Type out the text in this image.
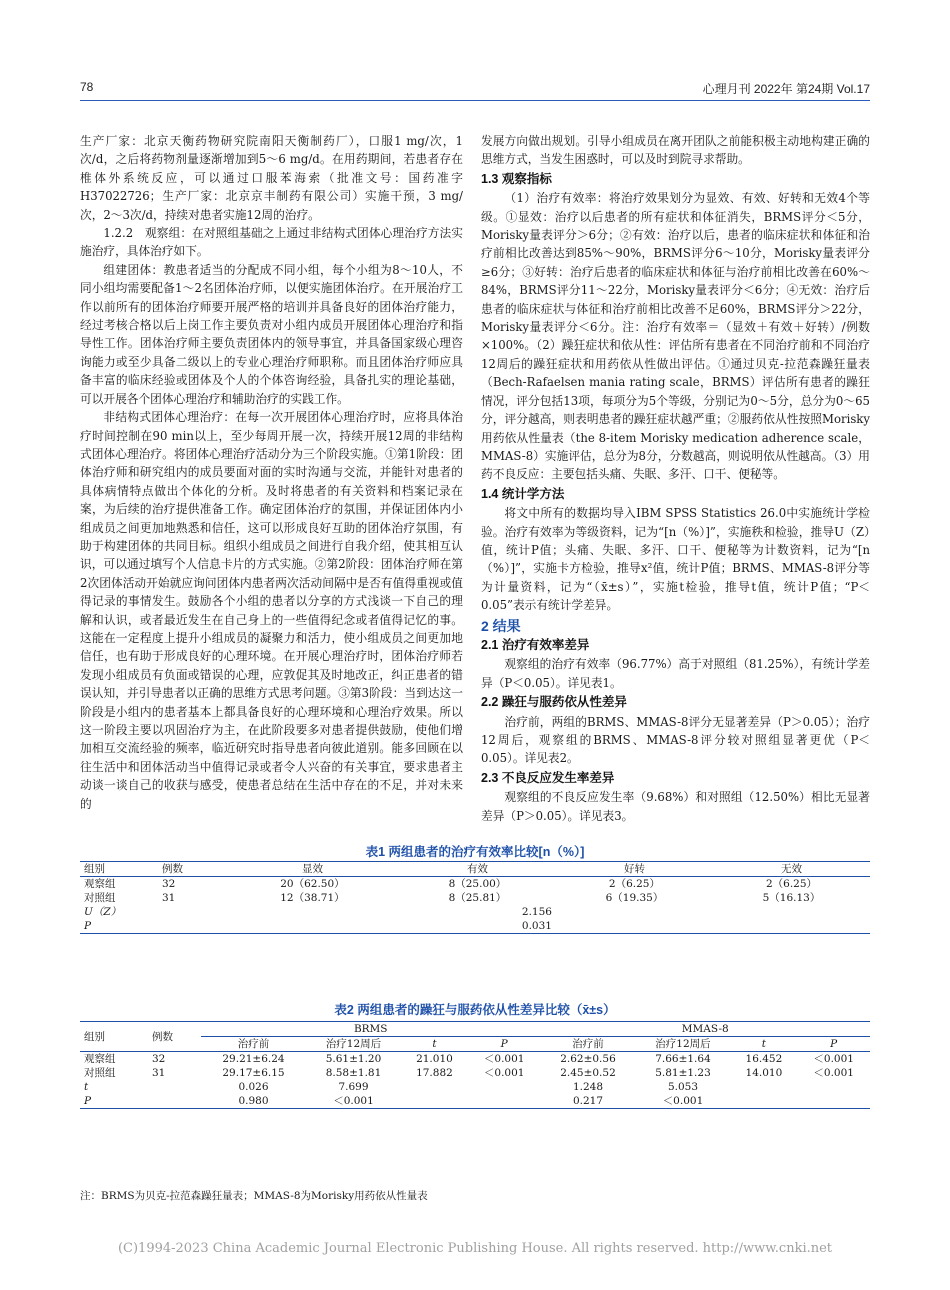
78	心理月刊 2022年 第24期 Vol.17

生产厂家：北京天衡药物研究院南阳天衡制药厂），口服1 mg/次，1次/d，之后将药物剂量逐渐增加到5～6 mg/d。在用药期间，若患者存在椎体外系统反应，可以通过口服苯海索（批准文号：国药准字H37022726；生产厂家：北京京丰制药有限公司）实施干预，3 mg/次，2～3次/d，持续对患者实施12周的治疗。

1.2.2　观察组：在对照组基础之上通过非结构式团体心理治疗方法实施治疗，具体治疗如下。

组建团体：教患者适当的分配成不同小组，每个小组为8～10人，不同小组均需要配备1～2名团体治疗师，以便实施团体治疗。在开展治疗工作以前所有的团体治疗师要开展严格的培训并具备良好的团体治疗能力，经过考核合格以后上岗工作主要负责对小组内成员开展团体心理治疗和指导性工作。团体治疗师主要负责团体内的领导事宜，并具备国家级心理咨询能力或至少具备二级以上的专业心理治疗师职称。而且团体治疗师应具备丰富的临床经验或团体及个人的个体咨询经验，具备扎实的理论基础，可以开展各个团体心理治疗和辅助治疗的实践工作。

非结构式团体心理治疗：在每一次开展团体心理治疗时，应将具体治疗时间控制在90 min以上，至少每周开展一次，持续开展12周的非结构式团体心理治疗。将团体心理治疗活动分为三个阶段实施。①第1阶段：团体治疗师和研究组内的成员要面对面的实时沟通与交流，并能针对患者的具体病情特点做出个体化的分析。及时将患者的有关资料和档案记录在案，为后续的治疗提供准备工作。确定团体治疗的氛围，并保证团体内小组成员之间更加地熟悉和信任，这可以形成良好互助的团体治疗氛围，有助于构建团体的共同目标。组织小组成员之间进行自我介绍，使其相互认识，可以通过填写个人信息卡片的方式实施。②第2阶段：团体治疗师在第2次团体活动开始就应询问团体内患者两次活动间隔中是否有值得重视或值得记录的事情发生。鼓励各个小组的患者以分享的方式浅谈一下自己的理解和认识，或者最近发生在自己身上的一些值得纪念或者值得记忆的事。这能在一定程度上提升小组成员的凝聚力和活力，使小组成员之间更加地信任，也有助于形成良好的心理环境。在开展心理治疗时，团体治疗师若发现小组成员有负面或错误的心理，应敦促其及时地改正，纠正患者的错误认知，并引导患者以正确的思维方式思考问题。③第3阶段：当到达这一阶段是小组内的患者基本上都具备良好的心理环境和心理治疗效果。所以这一阶段主要以巩固治疗为主，在此阶段要多对患者提供鼓励，使他们增加相互交流经验的频率，临近研究时指导患者向彼此道别。能多回顾在以往生活中和团体活动当中值得记录或者令人兴奋的有关事宜，要求患者主动谈一谈自己的收获与感受，使患者总结在生活中存在的不足，并对未来的

发展方向做出规划。引导小组成员在离开团队之前能积极主动地构建正确的思维方式，当发生困惑时，可以及时到院寻求帮助。

1.3 观察指标

（1）治疗有效率：将治疗效果划分为显效、有效、好转和无效4个等级。①显效：治疗以后患者的所有症状和体征消失，BRMS评分＜5分，Morisky量表评分＞6分；②有效：治疗以后，患者的临床症状和体征和治疗前相比改善达到85%～90%，BRMS评分6～10分，Morisky量表评分≥6分；③好转：治疗后患者的临床症状和体征与治疗前相比改善在60%～84%，BRMS评分11～22分，Morisky量表评分＜6分；④无效：治疗后患者的临床症状与体征和治疗前相比改善不足60%，BRMS评分＞22分，Morisky量表评分＜6分。注：治疗有效率＝（显效＋有效＋好转）/例数×100%。（2）躁狂症状和依从性：评估所有患者在不同治疗前和不同治疗12周后的躁狂症状和用药依从性做出评估。①通过贝克-拉范森躁狂量表（Bech-Rafaelsen mania rating scale，BRMS）评估所有患者的躁狂情况，评分包括13项，每项分为5个等级，分别记为0～5分，总分为0～65分，评分越高，则表明患者的躁狂症状越严重；②服药依从性按照Morisky用药依从性量表（the 8-item Morisky medication adherence scale，MMAS-8）实施评估，总分为8分，分数越高，则说明依从性越高。（3）用药不良反应：主要包括头痛、失眠、多汗、口干、便秘等。

1.4 统计学方法

将文中所有的数据均导入IBM SPSS Statistics 26.0中实施统计学检验。治疗有效率为等级资料，记为“[n（%）]”，实施秩和检验，推导U（Z）值，统计P值；头痛、失眠、多汗、口干、便秘等为计数资料，记为“[n（%）]”，实施卡方检验，推导x²值，统计P值；BRMS、MMAS-8评分等为计量资料，记为“（x̄±s）”，实施t检验，推导t值，统计P值；“P＜0.05”表示有统计学差异。

2 结果
2.1 治疗有效率差异

观察组的治疗有效率（96.77%）高于对照组（81.25%），有统计学差异（P＜0.05）。详见表1。

2.2 躁狂与服药依从性差异

治疗前，两组的BRMS、MMAS-8评分无显著差异（P＞0.05）；治疗12周后，观察组的BRMS、MMAS-8评分较对照组显著更优（P＜0.05）。详见表2。

2.3 不良反应发生率差异

观察组的不良反应发生率（9.68%）和对照组（12.50%）相比无显著差异（P＞0.05）。详见表3。

表1 两组患者的治疗有效率比较[n（%）]
组别	例数	显效	有效	好转	无效
观察组	32	20（62.50）	8（25.00）	2（6.25）	2（6.25）
对照组	31	12（38.71）	8（25.81）	6（19.35）	5（16.13）
U（Z）		2.156			
P		0.031			
表2 两组患者的躁狂与服药依从性差异比较（x̄±s）
组别	例数	BRMS				MMAS-8			
		治疗前	治疗12周后	t	P	治疗前	治疗12周后	t	P
观察组	32	29.21±6.24	5.61±1.20	21.010	＜0.001	2.62±0.56	7.66±1.64	16.452	＜0.001
对照组	31	29.17±6.15	8.58±1.81	17.882	＜0.001	2.45±0.52	5.81±1.23	14.010	＜0.001
t		0.026	7.699			1.248	5.053		
P		0.980	＜0.001			0.217	＜0.001		
注：BRMS为贝克-拉范森躁狂量表；MMAS-8为Morisky用药依从性量表
(C)1994-2023 China Academic Journal Electronic Publishing House. All rights reserved. http://www.cnki.net
